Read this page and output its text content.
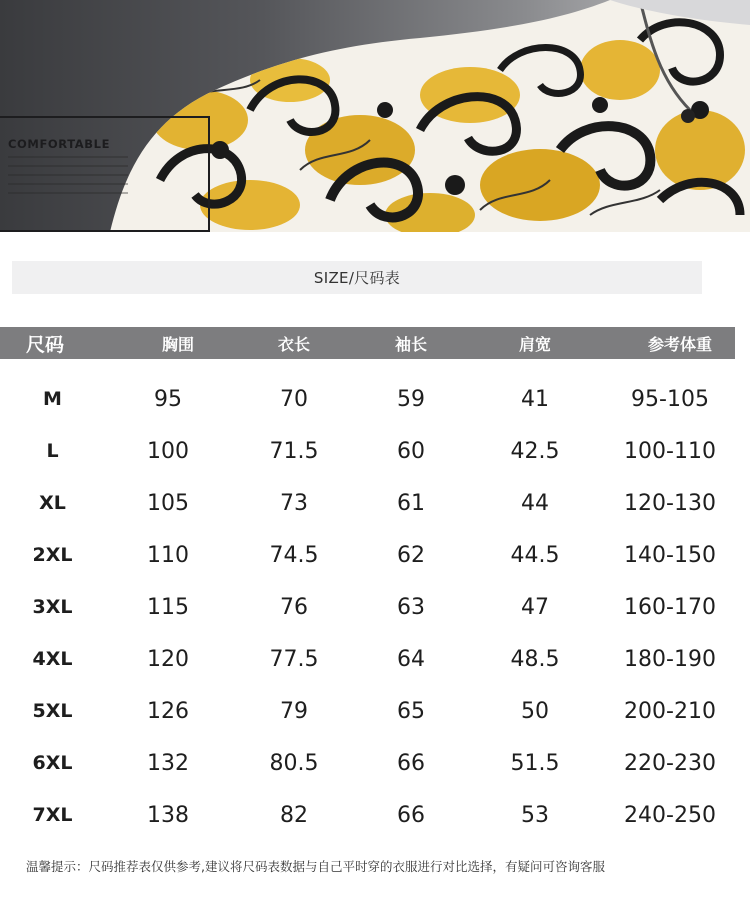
COMFORTABLE
SIZE/尺码表
尺码	胸围	衣长	袖长	肩宽	参考体重
M	95	70	59	41	95-105
L	100	71.5	60	42.5	100-110
XL	105	73	61	44	120-130
2XL	110	74.5	62	44.5	140-150
3XL	115	76	63	47	160-170
4XL	120	77.5	64	48.5	180-190
5XL	126	79	65	50	200-210
6XL	132	80.5	66	51.5	220-230
7XL	138	82	66	53	240-250
温馨提示：尺码推荐表仅供参考,建议将尺码表数据与自己平时穿的衣服进行对比选择，有疑问可咨询客服
